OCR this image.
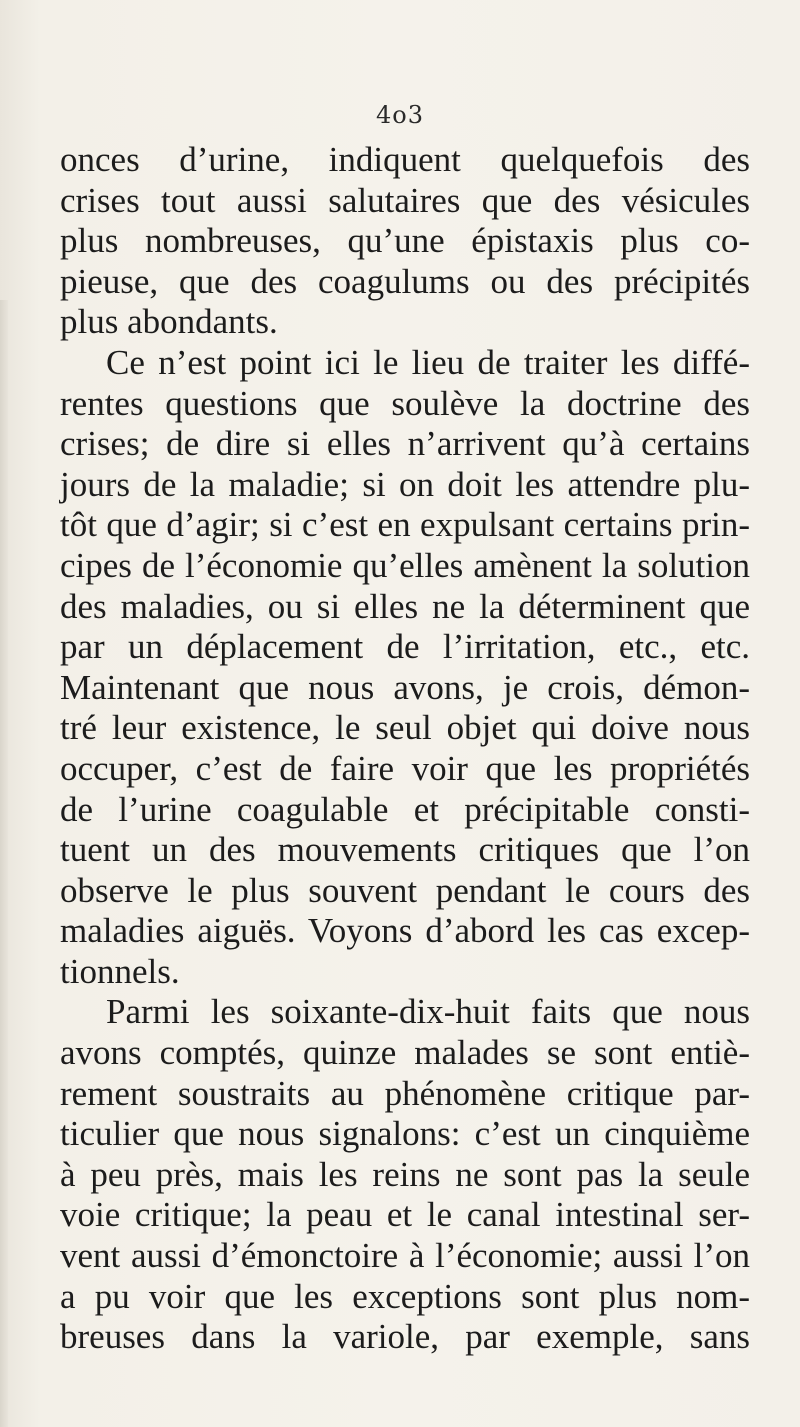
4o3
onces d’urine, indiquent quelquefois des
crises tout aussi salutaires que des vésicules
plus nombreuses, qu’une épistaxis plus co-
pieuse, que des coagulums ou des précipités
plus abondants.
Ce n’est point ici le lieu de traiter les diffé-
rentes questions que soulève la doctrine des
crises; de dire si elles n’arrivent qu’à certains
jours de la maladie; si on doit les attendre plu-
tôt que d’agir; si c’est en expulsant certains prin-
cipes de l’économie qu’elles amènent la solution
des maladies, ou si elles ne la déterminent que
par un déplacement de l’irritation, etc., etc.
Maintenant que nous avons, je crois, démon-
tré leur existence, le seul objet qui doive nous
occuper, c’est de faire voir que les propriétés
de l’urine coagulable et précipitable consti-
tuent un des mouvements critiques que l’on
observe le plus souvent pendant le cours des
maladies aiguës. Voyons d’abord les cas excep-
tionnels.
Parmi les soixante-dix-huit faits que nous
avons comptés, quinze malades se sont entiè-
rement soustraits au phénomène critique par-
ticulier que nous signalons: c’est un cinquième
à peu près, mais les reins ne sont pas la seule
voie critique; la peau et le canal intestinal ser-
vent aussi d’émonctoire à l’économie; aussi l’on
a pu voir que les exceptions sont plus nom-
breuses dans la variole, par exemple, sans
